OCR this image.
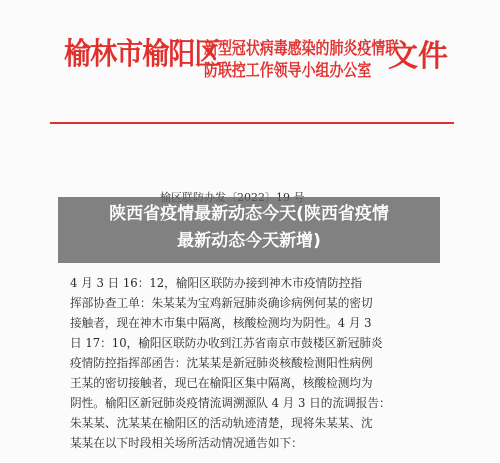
榆林市榆阳区
新型冠状病毒感染的肺炎疫情联
防联控工作领导小组办公室 文件
4 月 3 日 16：12，榆阳区联防办接到神木市疫情防控指
挥部协查工单：朱某某为宝鸡新冠肺炎确诊病例何某的密切
接触者，现在神木市集中隔离，核酸检测均为阴性。4 月 3
日 17：10，榆阳区联防办收到江苏省南京市鼓楼区新冠肺炎
疫情防控指挥部函告：沈某某是新冠肺炎核酸检测阳性病例
王某的密切接触者，现已在榆阳区集中隔离，核酸检测均为
阴性。榆阳区新冠肺炎疫情流调溯源队 4 月 3 日的流调报告：
朱某某、沈某某在榆阳区的活动轨迹清楚，现将朱某某、沈
某某在以下时段相关场所活动情况通告如下：
陕西省疫情最新动态今天(陕西省疫情
最新动态今天新增)
